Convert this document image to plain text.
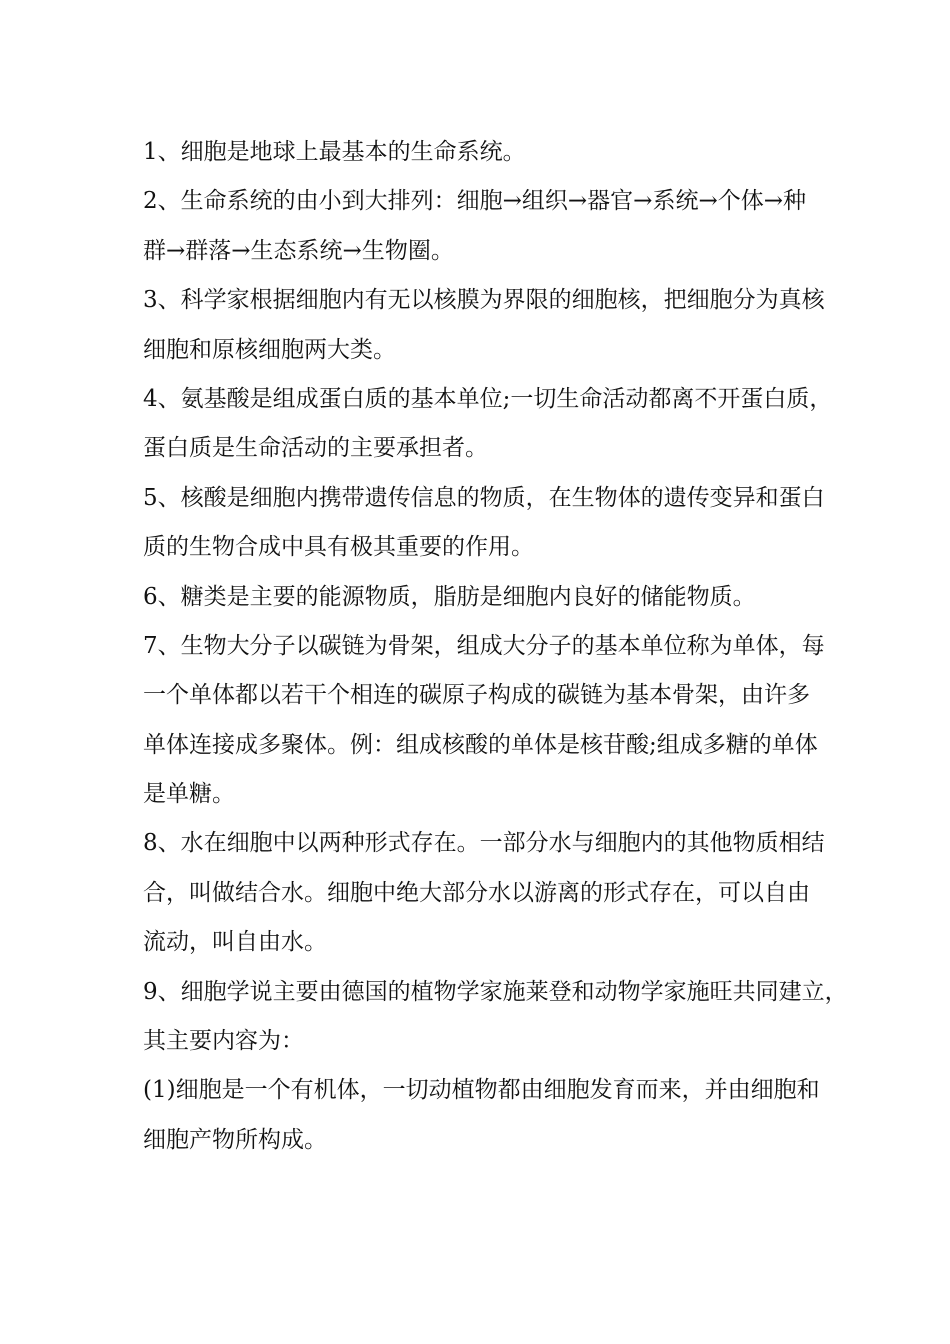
1、细胞是地球上最基本的生命系统。

2、生命系统的由小到大排列：细胞→组织→器官→系统→个体→种

群→群落→生态系统→生物圈。

3、科学家根据细胞内有无以核膜为界限的细胞核，把细胞分为真核

细胞和原核细胞两大类。

4、氨基酸是组成蛋白质的基本单位;一切生命活动都离不开蛋白质，

蛋白质是生命活动的主要承担者。

5、核酸是细胞内携带遗传信息的物质，在生物体的遗传变异和蛋白

质的生物合成中具有极其重要的作用。

6、糖类是主要的能源物质，脂肪是细胞内良好的储能物质。

7、生物大分子以碳链为骨架，组成大分子的基本单位称为单体，每

一个单体都以若干个相连的碳原子构成的碳链为基本骨架，由许多

单体连接成多聚体。例：组成核酸的单体是核苷酸;组成多糖的单体

是单糖。

8、水在细胞中以两种形式存在。一部分水与细胞内的其他物质相结

合，叫做结合水。细胞中绝大部分水以游离的形式存在，可以自由

流动，叫自由水。

9、细胞学说主要由德国的植物学家施莱登和动物学家施旺共同建立，

其主要内容为：

(1)细胞是一个有机体，一切动植物都由细胞发育而来，并由细胞和

细胞产物所构成。
